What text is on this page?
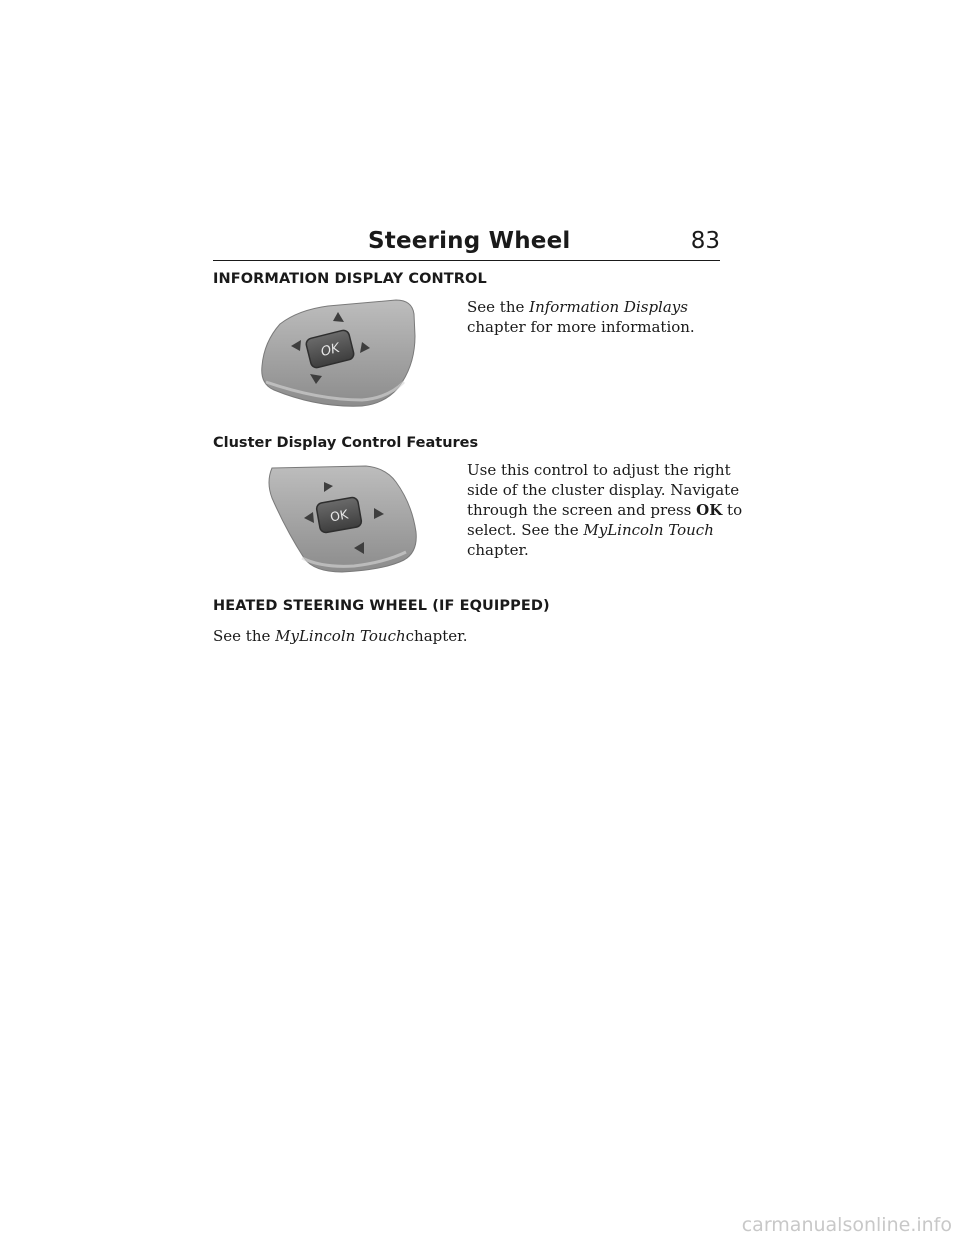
Steering Wheel	83
INFORMATION DISPLAY CONTROL
OK
See the Information Displays
chapter for more information.
Cluster Display Control Features
OK
Use this control to adjust the right
side of the cluster display. Navigate
through the screen and press OK to
select. See the MyLincoln Touch
chapter.
HEATED STEERING WHEEL (IF EQUIPPED)
See the MyLincoln Touchchapter.
carmanualsonline.info
